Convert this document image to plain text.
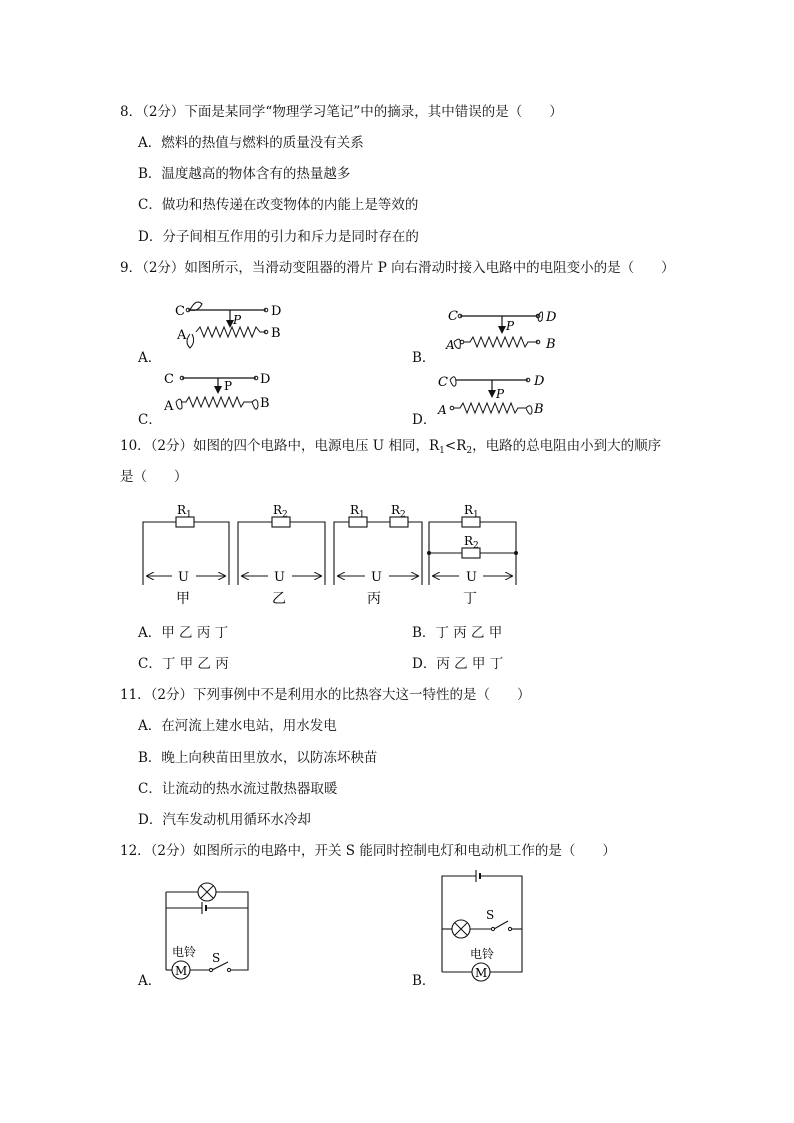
8．（2分）下面是某同学“物理学习笔记”中的摘录，其中错误的是（　　）
A．燃料的热值与燃料的质量没有关系
B．温度越高的物体含有的热量越多
C．做功和热传递在改变物体的内能上是等效的
D．分子间相互作用的引力和斥力是同时存在的
9．（2分）如图所示，当滑动变阻器的滑片 P 向右滑动时接入电路中的电阻变小的是（　　）
C	D
P
A	B
A．
C	D
P
A	B
B．
C	D
P
A	B
C．
C	D
P
A	B
D．
10．（2分）如图的四个电路中，电源电压 U 相同，$R_1<R_2$，电路的总电阻由小到大的顺序
是（　　）
$R_1$
U
甲
$R_2$
U
乙
$R_1$ $R_2$
U
丙
$R_1$
$R_2$
U
丁
A．甲 乙 丙 丁	B．丁 丙 乙 甲
C．丁 甲 乙 丙	D．丙 乙 甲 丁
11．（2分）下列事例中不是利用水的比热容大这一特性的是（　　）
A．在河流上建水电站，用水发电
B．晚上向秧苗田里放水，以防冻坏秧苗
C．让流动的热水流过散热器取暖
D．汽车发动机用循环水冷却
12．（2分）如图所示的电路中，开关 S 能同时控制电灯和电动机工作的是（　　）
电铃
M
S
A．
S
电铃
M
B．
